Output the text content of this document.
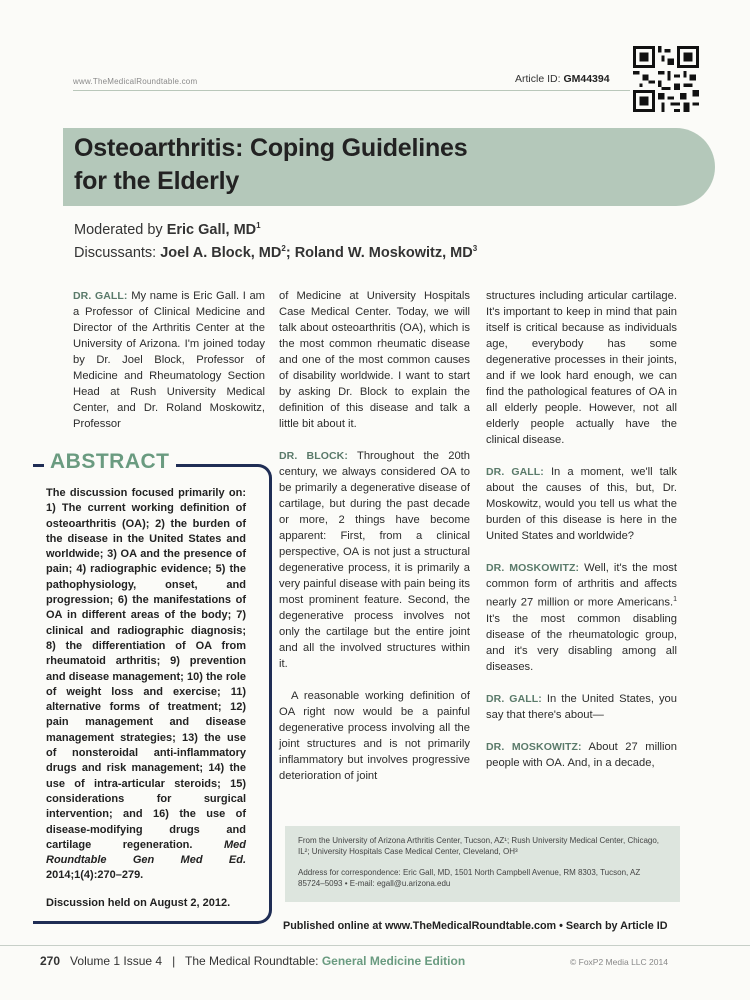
www.TheMedicalRoundtable.com	Article ID: GM44394
Osteoarthritis: Coping Guidelines
for the Elderly
Moderated by Eric Gall, $MD^1$
Discussants: Joel A. Block, $MD^2$; Roland W. Moskowitz, $MD^3$

DR. GALL: My name is Eric Gall. I am a Professor of Clinical Medicine and Director of the Arthritis Center at the University of Arizona. I'm joined today by Dr. Joel Block, Professor of Medicine and Rheumatology Section Head at Rush University Medical Center, and Dr. Roland Moskowitz, Professor

of Medicine at University Hospitals Case Medical Center. Today, we will talk about osteoarthritis (OA), which is the most common rheumatic disease and one of the most common causes of disability worldwide. I want to start by asking Dr. Block to explain the definition of this disease and talk a little bit about it.

DR. BLOCK: Throughout the 20th century, we always considered OA to be primarily a degenerative disease of cartilage, but during the past decade or more, 2 things have become apparent: First, from a clinical perspective, OA is not just a structural degenerative process, it is primarily a very painful disease with pain being its most prominent feature. Second, the degenerative process involves not only the cartilage but the entire joint and all the involved structures within it.

A reasonable working definition of OA right now would be a painful degenerative process involving all the joint structures and is not primarily inflammatory but involves progressive deterioration of joint

structures including articular cartilage. It's important to keep in mind that pain itself is critical because as individuals age, everybody has some degenerative processes in their joints, and if we look hard enough, we can find the pathological features of OA in all elderly people. However, not all elderly people actually have the clinical disease.

DR. GALL: In a moment, we'll talk about the causes of this, but, Dr. Moskowitz, would you tell us what the burden of this disease is here in the United States and worldwide?

DR. MOSKOWITZ: Well, it's the most common form of arthritis and affects nearly 27 million or more Americans.$^1$ It's the most common disabling disease of the rheumatologic group, and it's very disabling among all diseases.

DR. GALL: In the United States, you say that there's about—

DR. MOSKOWITZ: About 27 million people with OA. And, in a decade,

ABSTRACT
The discussion focused primarily on: 1) The current working definition of osteoarthritis (OA); 2) the burden of the disease in the United States and worldwide; 3) OA and the presence of pain; 4) radiographic evidence; 5) the pathophysiology, onset, and progression; 6) the manifestations of OA in different areas of the body; 7) clinical and radiographic diagnosis; 8) the differentiation of OA from rheumatoid arthritis; 9) prevention and disease management; 10) the role of weight loss and exercise; 11) alternative forms of treatment; 12) pain management and disease management strategies; 13) the use of nonsteroidal anti-inflammatory drugs and risk management; 14) the use of intra-articular steroids; 15) considerations for surgical intervention; and 16) the use of disease-modifying drugs and cartilage regeneration.	Med Roundtable Gen Med Ed. 2014;1(4):270–279.
Discussion held on August 2, 2012.
From the University of Arizona Arthritis Center, Tucson, AZ¹; Rush University Medical Center, Chicago, IL²; University Hospitals Case Medical Center, Cleveland, OH³
Address for correspondence: Eric Gall, MD, 1501 North Campbell Avenue, RM 8303, Tucson, AZ 85724–5093 • E-mail: egall@u.arizona.edu
Published online at www.TheMedicalRoundtable.com • Search by Article ID
270 Volume 1 Issue 4 | The Medical Roundtable: General Medicine Edition	© FoxP2 Media LLC 2014
